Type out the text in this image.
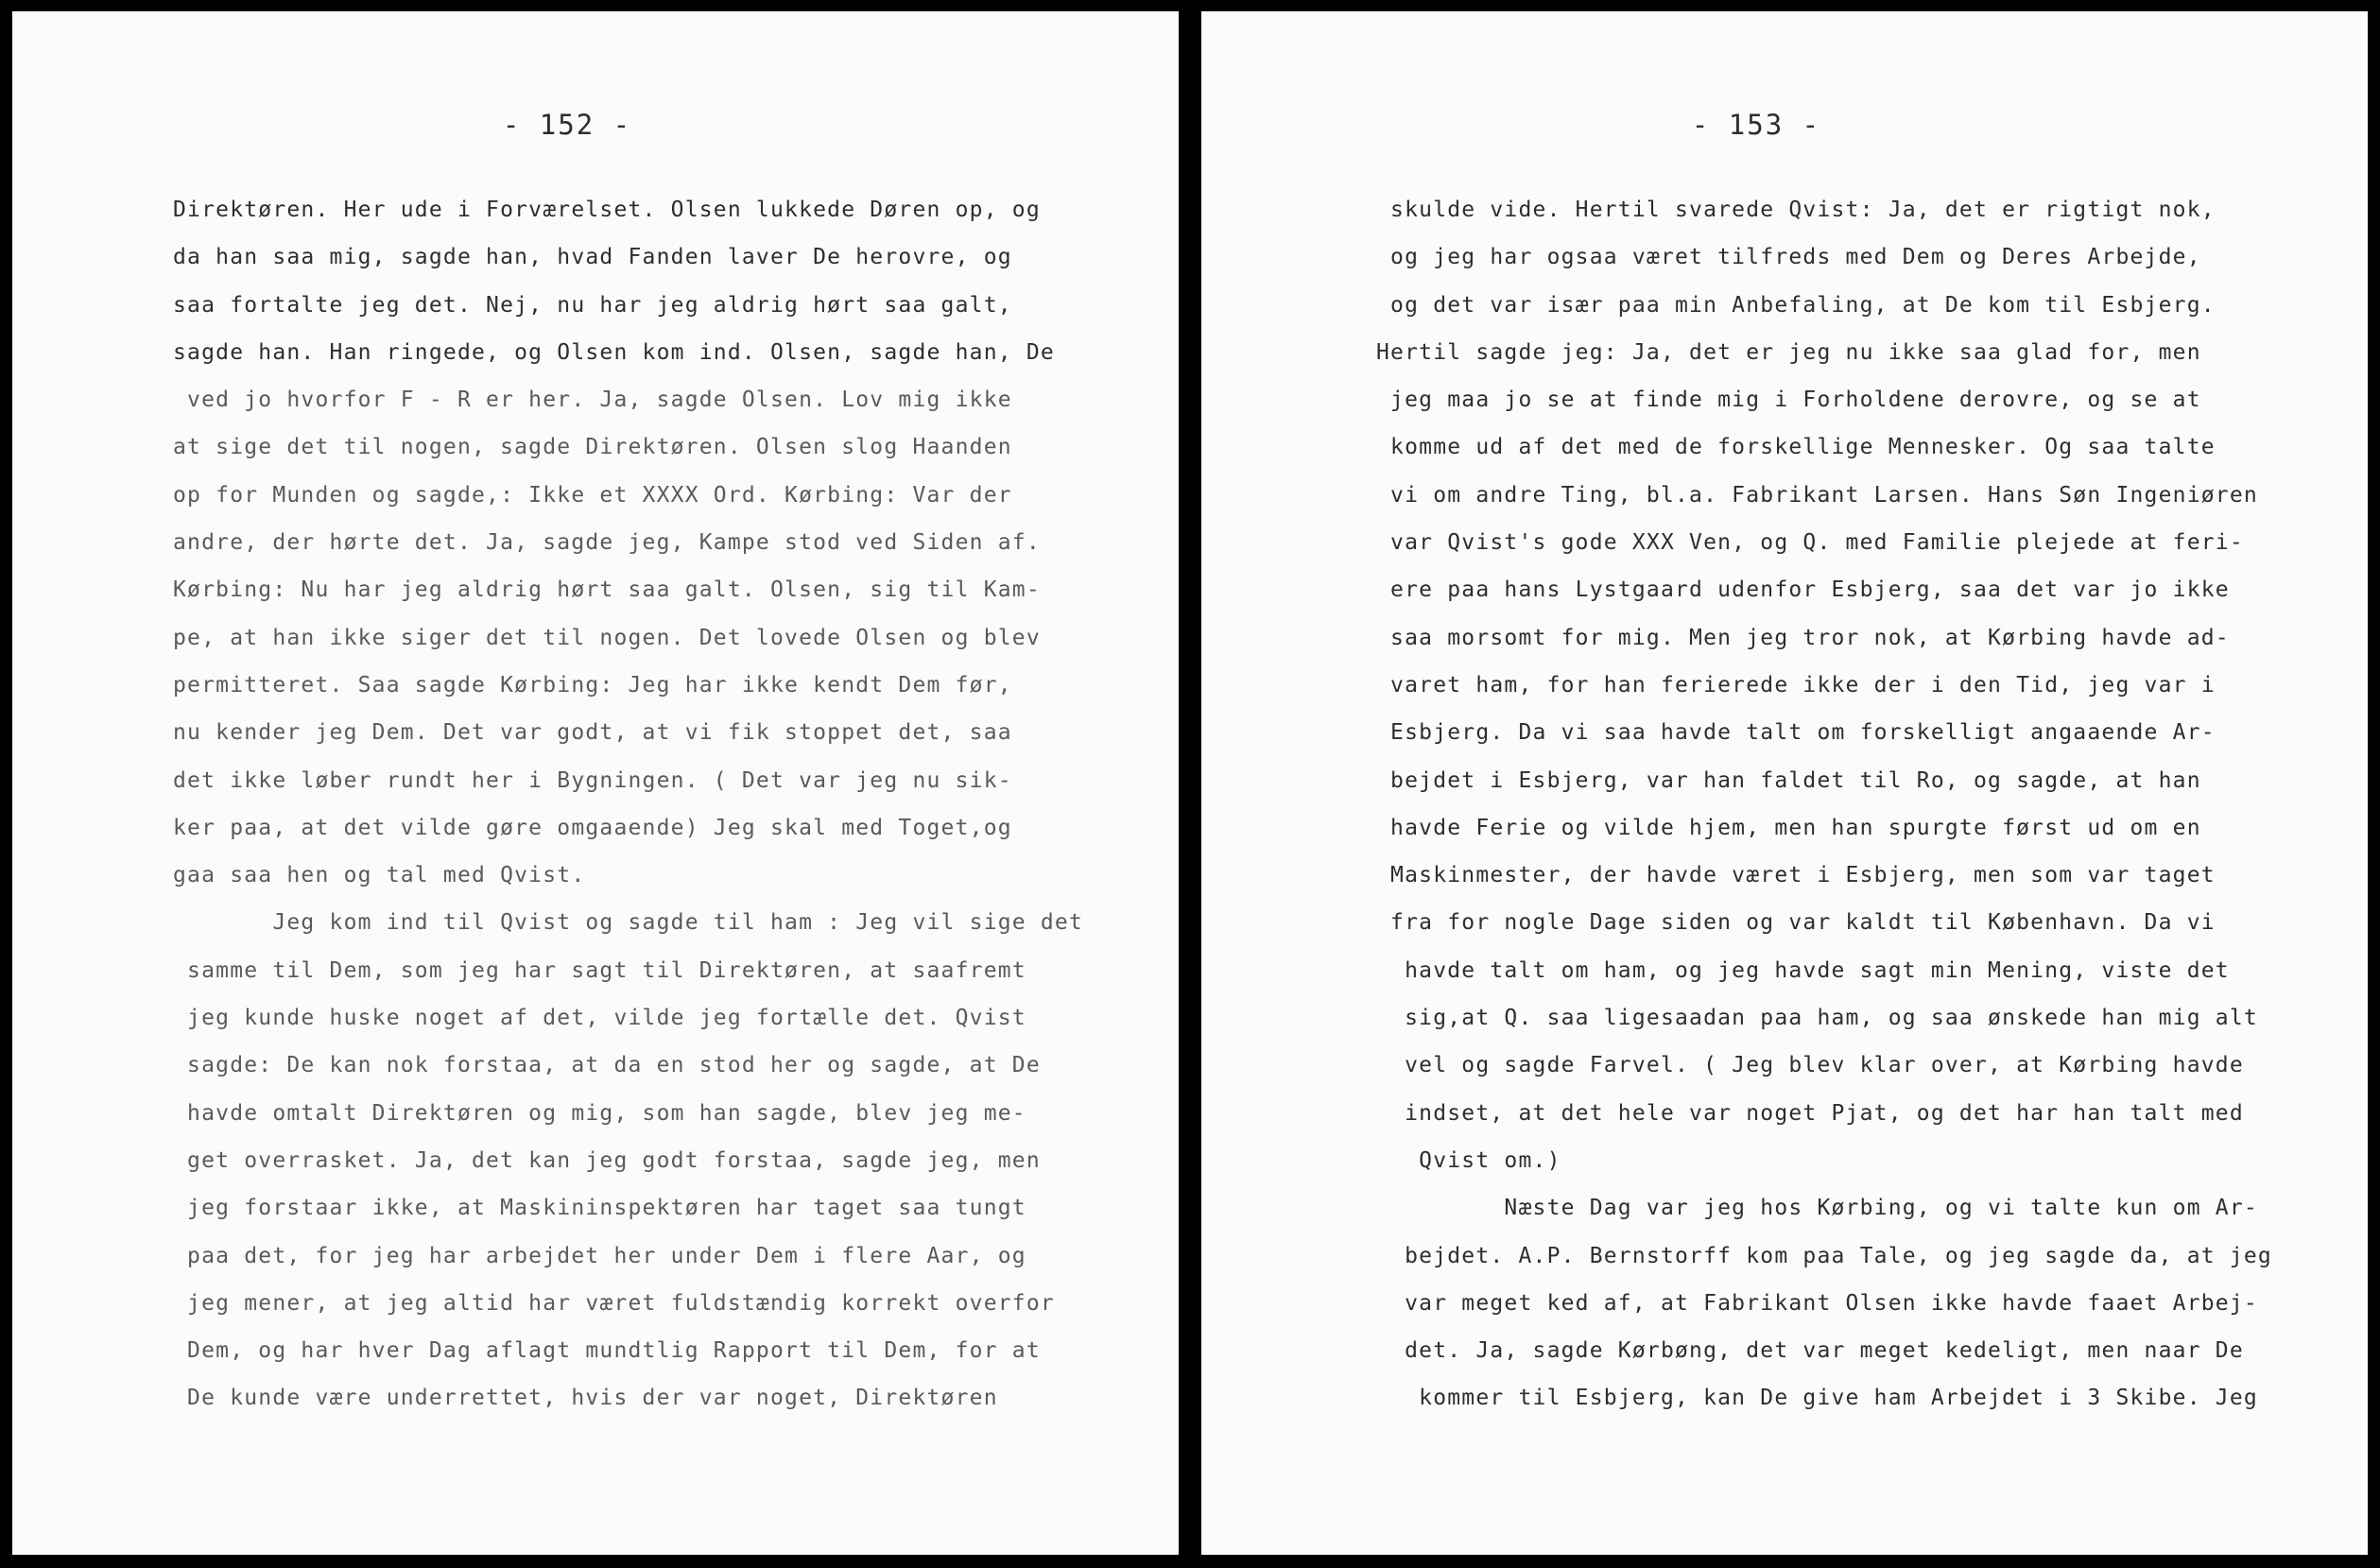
- 152 -
Direktøren. Her ude i Forværelset. Olsen lukkede Døren op, og
da han saa mig, sagde han, hvad Fanden laver De herovre, og
saa fortalte jeg det. Nej, nu har jeg aldrig hørt saa galt,
sagde han. Han ringede, og Olsen kom ind. Olsen, sagde han, De
ved jo hvorfor F - R er her. Ja, sagde Olsen. Lov mig ikke
at sige det til nogen, sagde Direktøren. Olsen slog Haanden
op for Munden og sagde,: Ikke et XXXX Ord. Kørbing: Var der
andre, der hørte det. Ja, sagde jeg, Kampe stod ved Siden af.
Kørbing: Nu har jeg aldrig hørt saa galt. Olsen, sig til Kam-
pe, at han ikke siger det til nogen. Det lovede Olsen og blev
permitteret. Saa sagde Kørbing: Jeg har ikke kendt Dem før,
nu kender jeg Dem. Det var godt, at vi fik stoppet det, saa
det ikke løber rundt her i Bygningen. ( Det var jeg nu sik-
ker paa, at det vilde gøre omgaaende) Jeg skal med Toget,og
gaa saa hen og tal med Qvist.
Jeg kom ind til Qvist og sagde til ham : Jeg vil sige det
samme til Dem, som jeg har sagt til Direktøren, at saafremt
jeg kunde huske noget af det, vilde jeg fortælle det. Qvist
sagde: De kan nok forstaa, at da en stod her og sagde, at De
havde omtalt Direktøren og mig, som han sagde, blev jeg me-
get overrasket. Ja, det kan jeg godt forstaa, sagde jeg, men
jeg forstaar ikke, at Maskininspektøren har taget saa tungt
paa det, for jeg har arbejdet her under Dem i flere Aar, og
jeg mener, at jeg altid har været fuldstændig korrekt overfor
Dem, og har hver Dag aflagt mundtlig Rapport til Dem, for at
De kunde være underrettet, hvis der var noget, Direktøren
- 153 -
skulde vide. Hertil svarede Qvist: Ja, det er rigtigt nok,
og jeg har ogsaa været tilfreds med Dem og Deres Arbejde,
og det var især paa min Anbefaling, at De kom til Esbjerg.
Hertil sagde jeg: Ja, det er jeg nu ikke saa glad for, men
jeg maa jo se at finde mig i Forholdene derovre, og se at
komme ud af det med de forskellige Mennesker. Og saa talte
vi om andre Ting, bl.a. Fabrikant Larsen. Hans Søn Ingeniøren
var Qvist's gode XXX Ven, og Q. med Familie plejede at feri-
ere paa hans Lystgaard udenfor Esbjerg, saa det var jo ikke
saa morsomt for mig. Men jeg tror nok, at Kørbing havde ad-
varet ham, for han ferierede ikke der i den Tid, jeg var i
Esbjerg. Da vi saa havde talt om forskelligt angaaende Ar-
bejdet i Esbjerg, var han faldet til Ro, og sagde, at han
havde Ferie og vilde hjem, men han spurgte først ud om en
Maskinmester, der havde været i Esbjerg, men som var taget
fra for nogle Dage siden og var kaldt til København. Da vi
havde talt om ham, og jeg havde sagt min Mening, viste det
sig,at Q. saa ligesaadan paa ham, og saa ønskede han mig alt
vel og sagde Farvel. ( Jeg blev klar over, at Kørbing havde
indset, at det hele var noget Pjat, og det har han talt med
Qvist om.)
Næste Dag var jeg hos Kørbing, og vi talte kun om Ar-
bejdet. A.P. Bernstorff kom paa Tale, og jeg sagde da, at jeg
var meget ked af, at Fabrikant Olsen ikke havde faaet Arbej-
det. Ja, sagde Kørbøng, det var meget kedeligt, men naar De
kommer til Esbjerg, kan De give ham Arbejdet i 3 Skibe. Jeg
